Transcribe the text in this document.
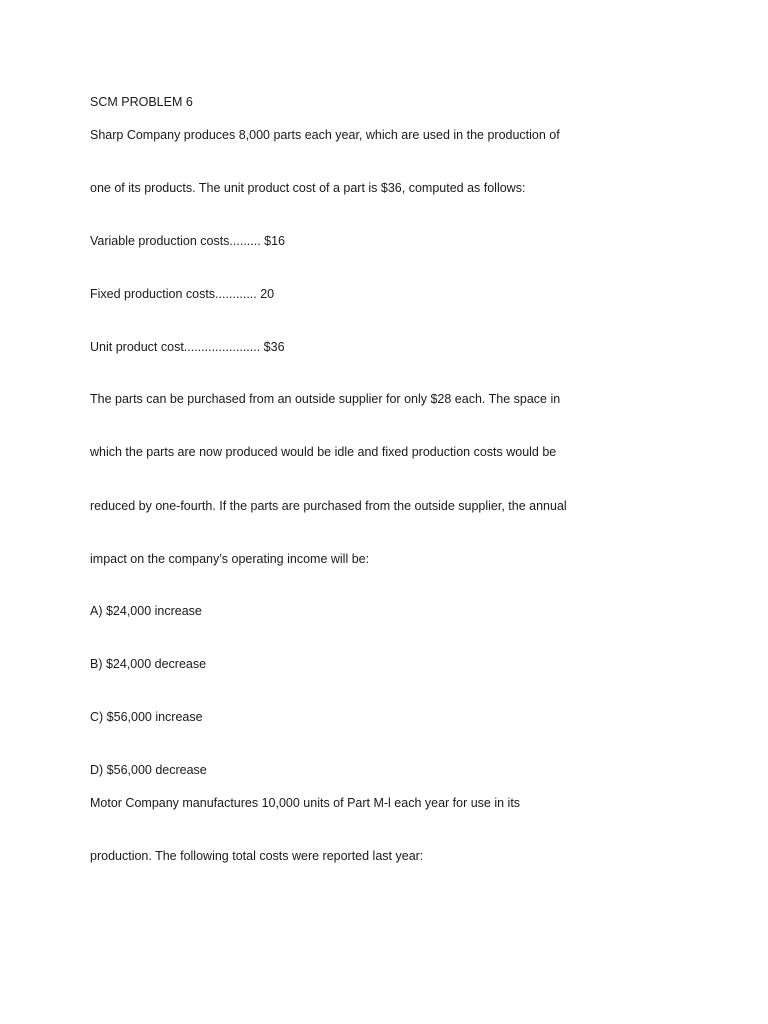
SCM PROBLEM 6

Sharp Company produces 8,000 parts each year, which are used in the production of

one of its products. The unit product cost of a part is $36, computed as follows:

Variable production costs......... $16

Fixed production costs............ 20

Unit product cost...................... $36

The parts can be purchased from an outside supplier for only $28 each. The space in

which the parts are now produced would be idle and fixed production costs would be

reduced by one-fourth. If the parts are purchased from the outside supplier, the annual

impact on the company’s operating income will be:

A) $24,000 increase

B) $24,000 decrease

C) $56,000 increase

D) $56,000 decrease

Motor Company manufactures 10,000 units of Part M-l each year for use in its

production. The following total costs were reported last year:
